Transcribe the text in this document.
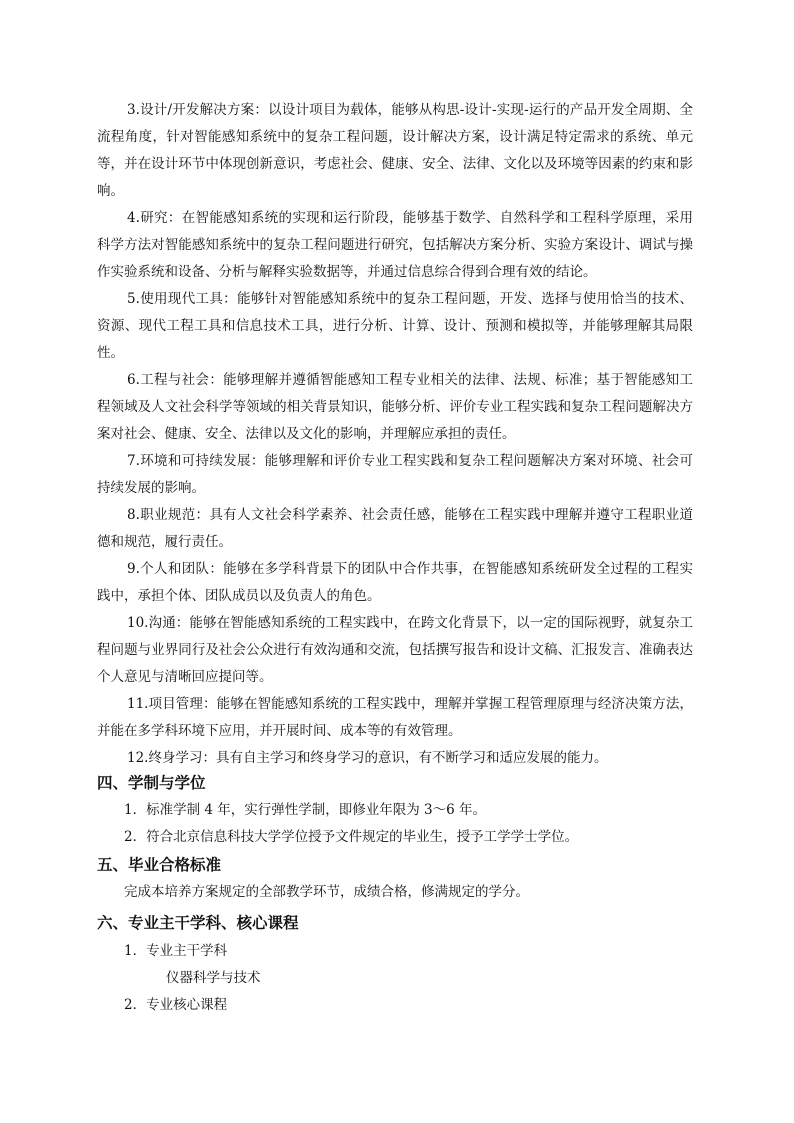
3.设计/开发解决方案：以设计项目为载体，能够从构思-设计-实现-运行的产品开发全周期、全流程角度，针对智能感知系统中的复杂工程问题，设计解决方案，设计满足特定需求的系统、单元等，并在设计环节中体现创新意识，考虑社会、健康、安全、法律、文化以及环境等因素的约束和影响。

4.研究：在智能感知系统的实现和运行阶段，能够基于数学、自然科学和工程科学原理，采用科学方法对智能感知系统中的复杂工程问题进行研究，包括解决方案分析、实验方案设计、调试与操作实验系统和设备、分析与解释实验数据等，并通过信息综合得到合理有效的结论。

5.使用现代工具：能够针对智能感知系统中的复杂工程问题，开发、选择与使用恰当的技术、资源、现代工程工具和信息技术工具，进行分析、计算、设计、预测和模拟等，并能够理解其局限性。

6.工程与社会：能够理解并遵循智能感知工程专业相关的法律、法规、标准；基于智能感知工程领域及人文社会科学等领域的相关背景知识，能够分析、评价专业工程实践和复杂工程问题解决方案对社会、健康、安全、法律以及文化的影响，并理解应承担的责任。

7.环境和可持续发展：能够理解和评价专业工程实践和复杂工程问题解决方案对环境、社会可持续发展的影响。

8.职业规范：具有人文社会科学素养、社会责任感，能够在工程实践中理解并遵守工程职业道德和规范，履行责任。

9.个人和团队：能够在多学科背景下的团队中合作共事，在智能感知系统研发全过程的工程实践中，承担个体、团队成员以及负责人的角色。

10.沟通：能够在智能感知系统的工程实践中，在跨文化背景下，以一定的国际视野，就复杂工程问题与业界同行及社会公众进行有效沟通和交流，包括撰写报告和设计文稿、汇报发言、准确表达个人意见与清晰回应提问等。

11.项目管理：能够在智能感知系统的工程实践中，理解并掌握工程管理原理与经济决策方法，并能在多学科环境下应用，并开展时间、成本等的有效管理。

12.终身学习：具有自主学习和终身学习的意识，有不断学习和适应发展的能力。

四、学制与学位

1．标准学制 4 年，实行弹性学制，即修业年限为 3～6 年。

2．符合北京信息科技大学学位授予文件规定的毕业生，授予工学学士学位。

五、毕业合格标准

完成本培养方案规定的全部教学环节，成绩合格，修满规定的学分。

六、专业主干学科、核心课程

1．专业主干学科

仪器科学与技术

2．专业核心课程
